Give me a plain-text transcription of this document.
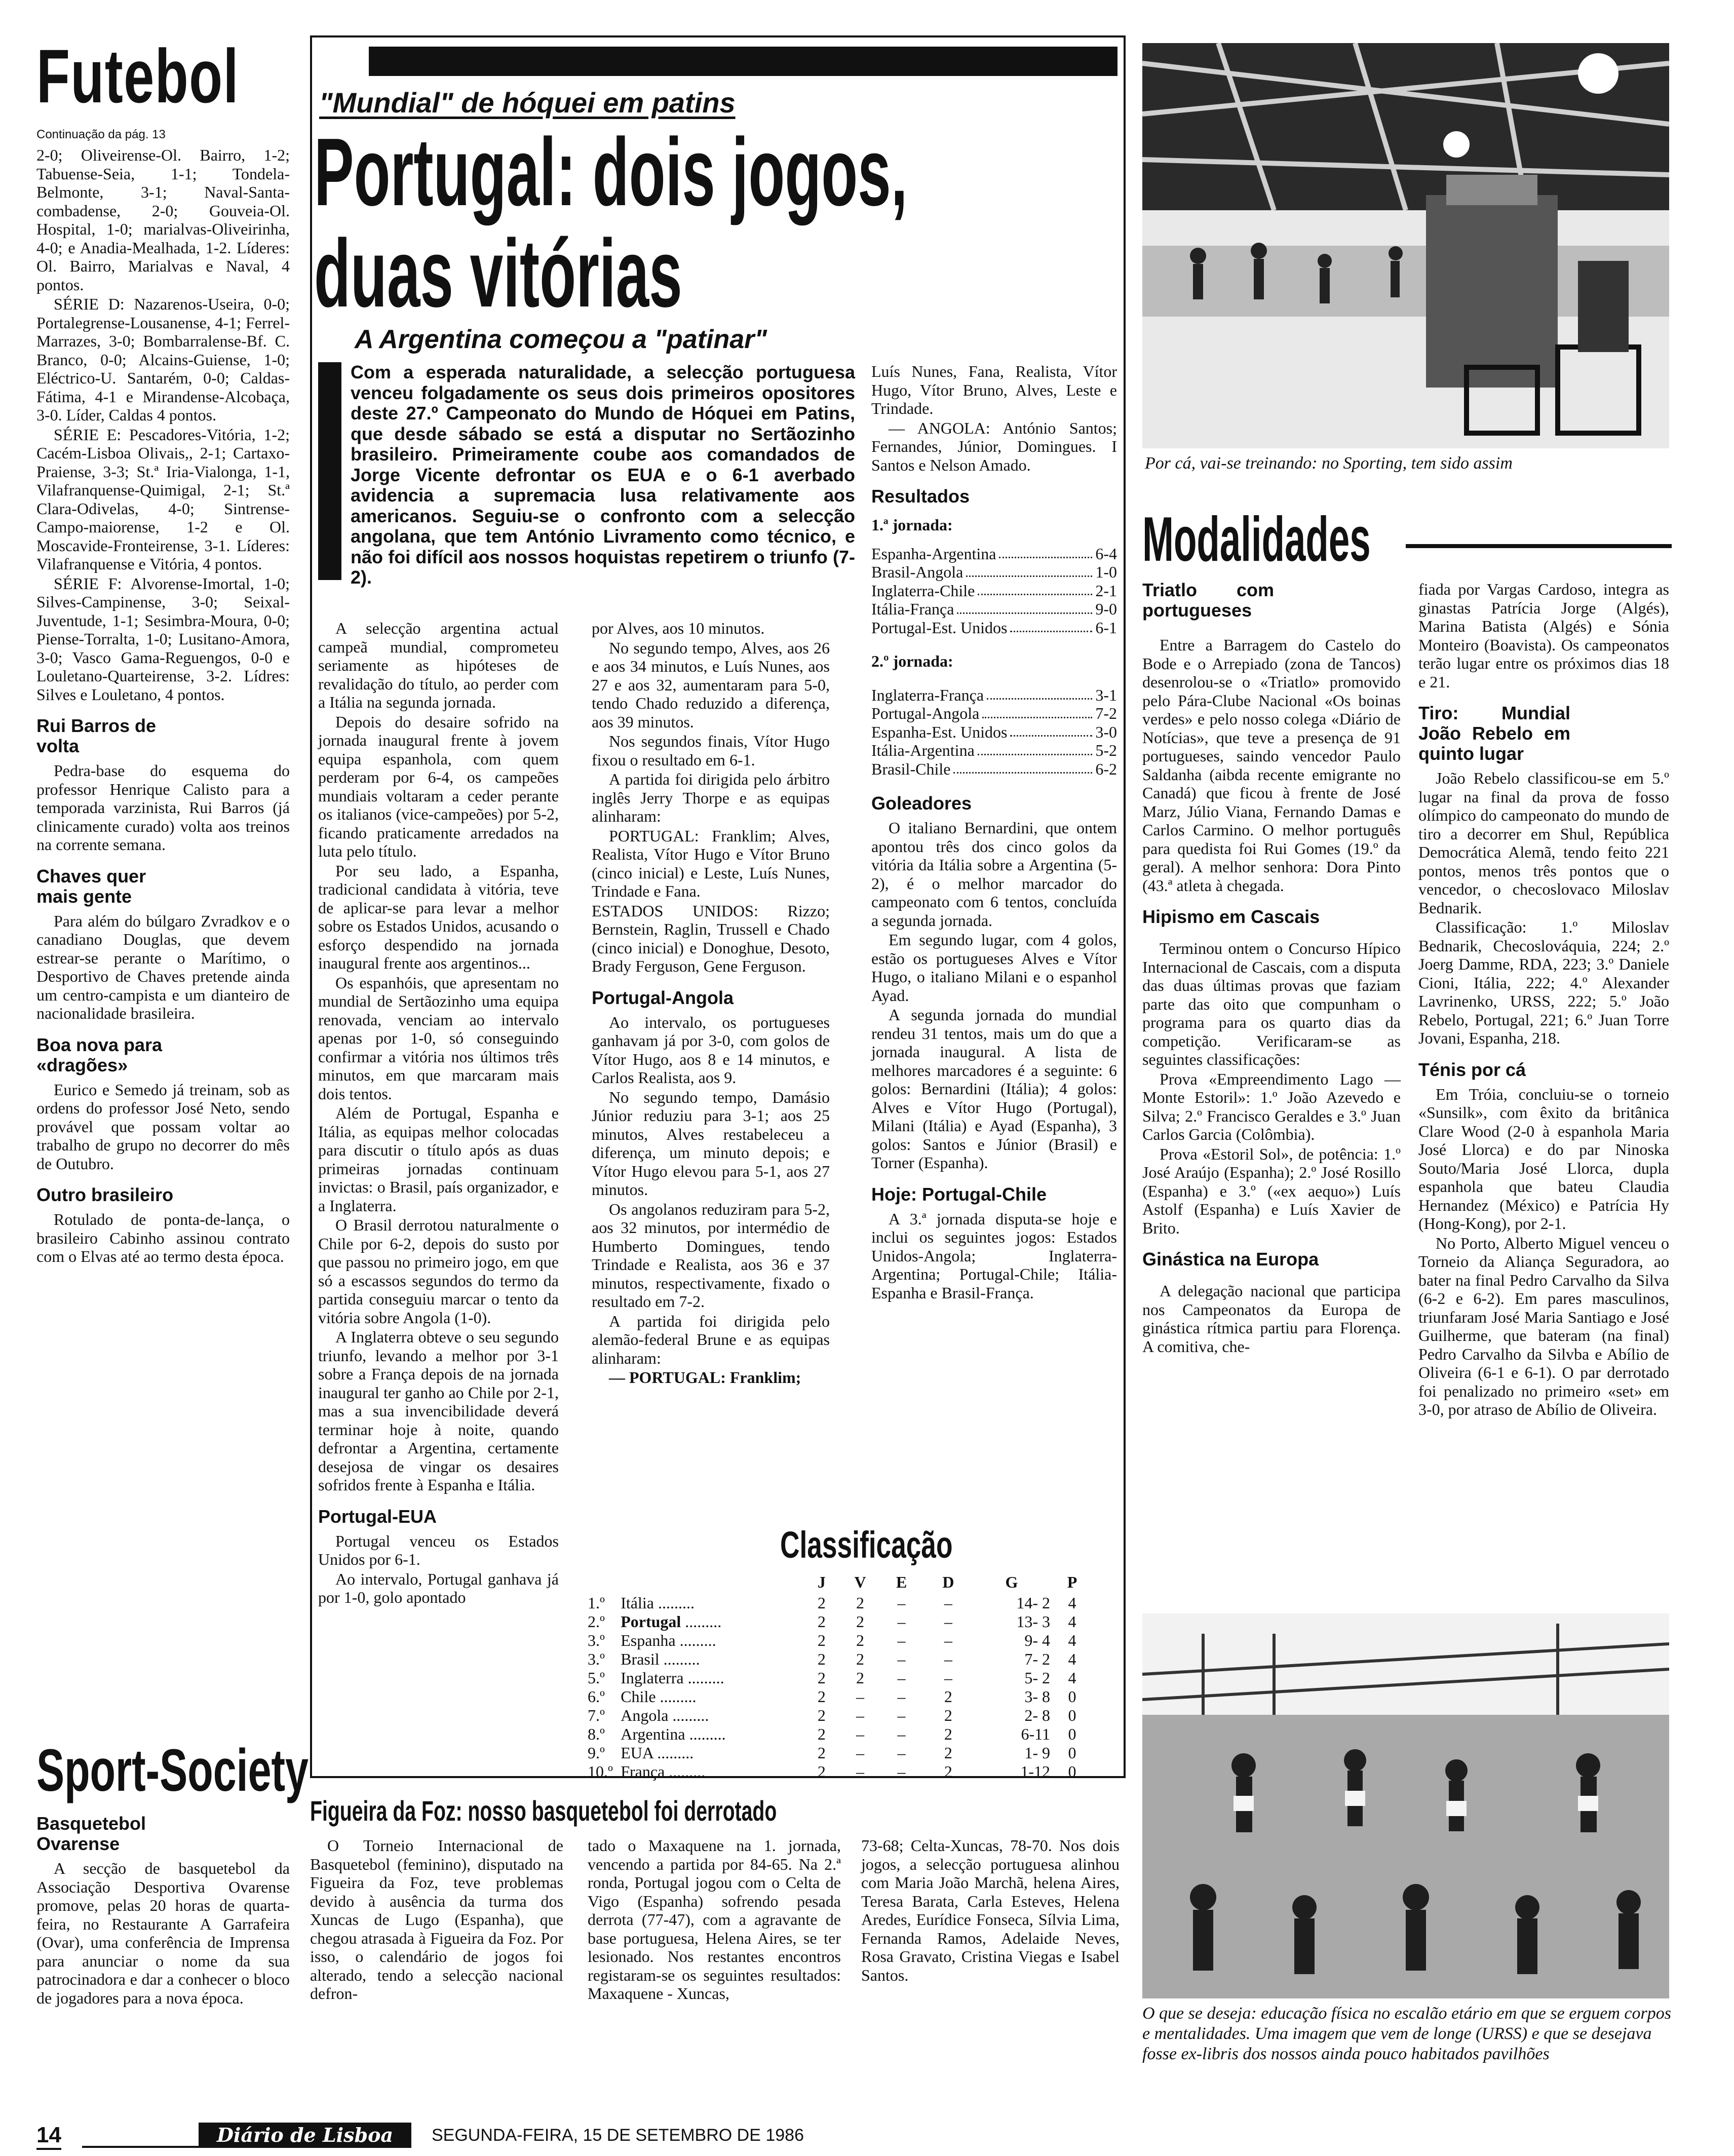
Futebol
Continuação da pág. 13

2-0; Oliveirense-Ol. Bairro, 1-2; Tabuense-Seia, 1-1; Tondela-Belmonte, 3-1; Naval-Santa-combadense, 2-0; Gouveia-Ol. Hospital, 1-0; marialvas-Oliveirinha, 4-0; e Anadia-Mealhada, 1-2. Líderes: Ol. Bairro, Marialvas e Naval, 4 pontos.

SÉRIE D: Nazarenos-Useira, 0-0; Portalegrense-Lousanense, 4-1; Ferrel-Marrazes, 3-0; Bombarralense-Bf. C. Branco, 0-0; Alcains-Guiense, 1-0; Eléctrico-U. Santarém, 0-0; Caldas-Fátima, 4-1 e Mirandense-Alcobaça, 3-0. Líder, Caldas 4 pontos.

SÉRIE E: Pescadores-Vitória, 1-2; Cacém-Lisboa Olivais,, 2-1; Cartaxo-Praiense, 3-3; St.ª Iria-Vialonga, 1-1, Vilafranquense-Quimigal, 2-1; St.ª Clara-Odivelas, 4-0; Sintrense-Campo-maiorense, 1-2 e Ol. Moscavide-Fronteirense, 3-1. Líderes: Vilafranquense e Vitória, 4 pontos.

SÉRIE F: Alvorense-Imortal, 1-0; Silves-Campinense, 3-0; Seixal-Juventude, 1-1; Sesimbra-Moura, 0-0; Piense-Torralta, 1-0; Lusitano-Amora, 3-0; Vasco Gama-Reguengos, 0-0 e Louletano-Quarteirense, 3-2. Lídres: Silves e Louletano, 4 pontos.

Rui Barros de volta

Pedra-base do esquema do professor Henrique Calisto para a temporada varzinista, Rui Barros (já clinicamente curado) volta aos treinos na corrente semana.

Chaves quer mais gente

Para além do búlgaro Zvradkov e o canadiano Douglas, que devem estrear-se perante o Marítimo, o Desportivo de Chaves pretende ainda um centro-campista e um dianteiro de nacionalidade brasileira.

Boa nova para «dragões»

Eurico e Semedo já treinam, sob as ordens do professor José Neto, sendo provável que possam voltar ao trabalho de grupo no decorrer do mês de Outubro.

Outro brasileiro

Rotulado de ponta-de-lança, o brasileiro Cabinho assinou contrato com o Elvas até ao termo desta época.

Sport-Society
Basquetebol Ovarense

A secção de basquetebol da Associação Desportiva Ovarense promove, pelas 20 horas de quarta-feira, no Restaurante A Garrafeira (Ovar), uma conferência de Imprensa para anunciar o nome da sua patrocinadora e dar a conhecer o bloco de jogadores para a nova época.

"Mundial" de hóquei em patins
Portugal: dois jogos,
duas vitórias
A Argentina começou a "patinar"
I	Com a esperada naturalidade, a selecção portuguesa venceu folgadamente os seus dois primeiros opositores deste 27.º Campeonato do Mundo de Hóquei em Patins, que desde sábado se está a disputar no Sertãozinho brasileiro. Primeiramente coube aos comandados de Jorge Vicente defrontar os EUA e o 6-1 averbado avidencia a supremacia lusa relativamente aos americanos. Seguiu-se o confronto com a selecção angolana, que tem António Livramento como técnico, e não foi difícil aos nossos hoquistas repetirem o triunfo (7-2).

A selecção argentina actual campeã mundial, comprometeu seriamente as hipóteses de revalidação do título, ao perder com a Itália na segunda jornada.

Depois do desaire sofrido na jornada inaugural frente à jovem equipa espanhola, com quem perderam por 6-4, os campeões mundiais voltaram a ceder perante os italianos (vice-campeões) por 5-2, ficando praticamente arredados na luta pelo título.

Por seu lado, a Espanha, tradicional candidata à vitória, teve de aplicar-se para levar a melhor sobre os Estados Unidos, acusando o esforço despendido na jornada inaugural frente aos argentinos...

Os espanhóis, que apresentam no mundial de Sertãozinho uma equipa renovada, venciam ao intervalo apenas por 1-0, só conseguindo confirmar a vitória nos últimos três minutos, em que marcaram mais dois tentos.

Além de Portugal, Espanha e Itália, as equipas melhor colocadas para discutir o título após as duas primeiras jornadas continuam invictas: o Brasil, país organizador, e a Inglaterra.

O Brasil derrotou naturalmente o Chile por 6-2, depois do susto por que passou no primeiro jogo, em que só a escassos segundos do termo da partida conseguiu marcar o tento da vitória sobre Angola (1-0).

A Inglaterra obteve o seu segundo triunfo, levando a melhor por 3-1 sobre a França depois de na jornada inaugural ter ganho ao Chile por 2-1, mas a sua invencibilidade deverá terminar hoje à noite, quando defrontar a Argentina, certamente desejosa de vingar os desaires sofridos frente à Espanha e Itália.

Portugal-EUA

Portugal venceu os Estados Unidos por 6-1.

Ao intervalo, Portugal ganhava já por 1-0, golo apontado

por Alves, aos 10 minutos.

No segundo tempo, Alves, aos 26 e aos 34 minutos, e Luís Nunes, aos 27 e aos 32, aumentaram para 5-0, tendo Chado reduzido a diferença, aos 39 minutos.

Nos segundos finais, Vítor Hugo fixou o resultado em 6-1.

A partida foi dirigida pelo árbitro inglês Jerry Thorpe e as equipas alinharam:

PORTUGAL: Franklim; Alves, Realista, Vítor Hugo e Vítor Bruno (cinco inicial) e Leste, Luís Nunes, Trindade e Fana.

ESTADOS UNIDOS: Rizzo; Bernstein, Raglin, Trussell e Chado (cinco inicial) e Donoghue, Desoto, Brady Ferguson, Gene Ferguson.

Portugal-Angola

Ao intervalo, os portugueses ganhavam já por 3-0, com golos de Vítor Hugo, aos 8 e 14 minutos, e Carlos Realista, aos 9.

No segundo tempo, Damásio Júnior reduziu para 3-1; aos 25 minutos, Alves restabeleceu a diferença, um minuto depois; e Vítor Hugo elevou para 5-1, aos 27 minutos.

Os angolanos reduziram para 5-2, aos 32 minutos, por intermédio de Humberto Domingues, tendo Trindade e Realista, aos 36 e 37 minutos, respectivamente, fixado o resultado em 7-2.

A partida foi dirigida pelo alemão-federal Brune e as equipas alinharam:

— PORTUGAL: Franklim;

Luís Nunes, Fana, Realista, Vítor Hugo, Vítor Bruno, Alves, Leste e Trindade.

— ANGOLA: António Santos; Fernandes, Júnior, Domingues. I Santos e Nelson Amado.

Resultados
1.ª jornada:
Espanha-Argentina	6-4
Brasil-Angola	1-0
Inglaterra-Chile	2-1
Itália-França	9-0
Portugal-Est. Unidos	6-1
2.º jornada:
Inglaterra-França	3-1
Portugal-Angola	7-2
Espanha-Est. Unidos	3-0
Itália-Argentina	5-2
Brasil-Chile	6-2
Goleadores

O italiano Bernardini, que ontem apontou três dos cinco golos da vitória da Itália sobre a Argentina (5-2), é o melhor marcador do campeonato com 6 tentos, concluída a segunda jornada.

Em segundo lugar, com 4 golos, estão os portugueses Alves e Vítor Hugo, o italiano Milani e o espanhol Ayad.

A segunda jornada do mundial rendeu 31 tentos, mais um do que a jornada inaugural. A lista de melhores marcadores é a seguinte: 6 golos: Bernardini (Itália); 4 golos: Alves e Vítor Hugo (Portugal), Milani (Itália) e Ayad (Espanha), 3 golos: Santos e Júnior (Brasil) e Torner (Espanha).

Hoje: Portugal-Chile

A 3.ª jornada disputa-se hoje e inclui os seguintes jogos: Estados Unidos-Angola; Inglaterra-Argentina; Portugal-Chile; Itália-Espanha e Brasil-França.

Classificação
		J	V	E	D	G	P
1.º	Itália .........	2	2	–	–	14- 2	4
2.º	Portugal .........	2	2	–	–	13- 3	4
3.º	Espanha .........	2	2	–	–	9- 4	4
3.º	Brasil .........	2	2	–	–	7- 2	4
5.º	Inglaterra .........	2	2	–	–	5- 2	4
6.º	Chile .........	2	–	–	2	3- 8	0
7.º	Angola .........	2	–	–	2	2- 8	0
8.º	Argentina .........	2	–	–	2	6-11	0
9.º	EUA .........	2	–	–	2	1- 9	0
10.º	França .........	2	–	–	2	1-12	0
Figueira da Foz: nosso basquetebol foi derrotado

O Torneio Internacional de Basquetebol (feminino), disputado na Figueira da Foz, teve problemas devido à ausência da turma dos Xuncas de Lugo (Espanha), que chegou atrasada à Figueira da Foz. Por isso, o calendário de jogos foi alterado, tendo a selecção nacional defron-

tado o Maxaquene na 1. jornada, vencendo a partida por 84-65. Na 2.ª ronda, Portugal jogou com o Celta de Vigo (Espanha) sofrendo pesada derrota (77-47), com a agravante de base portuguesa, Helena Aires, se ter lesionado. Nos restantes encontros registaram-se os seguintes resultados: Maxaquene - Xuncas,

73-68; Celta-Xuncas, 78-70. Nos dois jogos, a selecção portuguesa alinhou com Maria João Marchã, helena Aires, Teresa Barata, Carla Esteves, Helena Aredes, Eurídice Fonseca, Sílvia Lima, Fernanda Ramos, Adelaide Neves, Rosa Gravato, Cristina Viegas e Isabel Santos.

Por cá, vai-se treinando: no Sporting, tem sido assim
Modalidades
Triatlo com portugueses

Entre a Barragem do Castelo do Bode e o Arrepiado (zona de Tancos) desenrolou-se o «Triatlo» promovido pelo Pára-Clube Nacional «Os boinas verdes» e pelo nosso colega «Diário de Notícias», que teve a presença de 91 portugueses, saindo vencedor Paulo Saldanha (aibda recente emigrante no Canadá) que ficou à frente de José Marz, Júlio Viana, Fernando Damas e Carlos Carmino. O melhor português para quedista foi Rui Gomes (19.º da geral). A melhor senhora: Dora Pinto (43.ª atleta à chegada.

Hipismo em Cascais

Terminou ontem o Concurso Hípico Internacional de Cascais, com a disputa das duas últimas provas que faziam parte das oito que compunham o programa para os quarto dias da competição. Verificaram-se as seguintes classificações:

Prova «Empreendimento Lago — Monte Estoril»: 1.º João Azevedo e Silva; 2.º Francisco Geraldes e 3.º Juan Carlos Garcia (Colômbia).

Prova «Estoril Sol», de potência: 1.º José Araújo (Espanha); 2.º José Rosillo (Espanha) e 3.º («ex aequo») Luís Astolf (Espanha) e Luís Xavier de Brito.

Ginástica na Europa

A delegação nacional que participa nos Campeonatos da Europa de ginástica rítmica partiu para Florença. A comitiva, che-

fiada por Vargas Cardoso, integra as ginastas Patrícia Jorge (Algés), Marina Batista (Algés) e Sónia Monteiro (Boavista). Os campeonatos terão lugar entre os próximos dias 18 e 21.

Tiro: Mundial João Rebelo em quinto lugar

João Rebelo classificou-se em 5.º lugar na final da prova de fosso olímpico do campeonato do mundo de tiro a decorrer em Shul, República Democrática Alemã, tendo feito 221 pontos, menos três pontos que o vencedor, o checoslovaco Miloslav Bednarik.

Classificação: 1.º Miloslav Bednarik, Checoslováquia, 224; 2.º Joerg Damme, RDA, 223; 3.º Daniele Cioni, Itália, 222; 4.º Alexander Lavrinenko, URSS, 222; 5.º João Rebelo, Portugal, 221; 6.º Juan Torre Jovani, Espanha, 218.

Ténis por cá

Em Tróia, concluiu-se o torneio «Sunsilk», com êxito da britânica Clare Wood (2-0 à espanhola Maria José Llorca) e do par Ninoska Souto/Maria José Llorca, dupla espanhola que bateu Claudia Hernandez (México) e Patrícia Hy (Hong-Kong), por 2-1.

No Porto, Alberto Miguel venceu o Torneio da Aliança Seguradora, ao bater na final Pedro Carvalho da Silva (6-2 e 6-2). Em pares masculinos, triunfaram José Maria Santiago e José Guilherme, que bateram (na final) Pedro Carvalho da Silvba e Abílio de Oliveira (6-1 e 6-1). O par derrotado foi penalizado no primeiro «set» em 3-0, por atraso de Abílio de Oliveira.

O que se deseja: educação física no escalão etário em que se erguem corpos e mentalidades. Uma imagem que vem de longe (URSS) e que se desejava fosse ex-libris dos nossos ainda pouco habitados pavilhões
14	Diário de Lisboa	SEGUNDA-FEIRA, 15 DE SETEMBRO DE 1986
